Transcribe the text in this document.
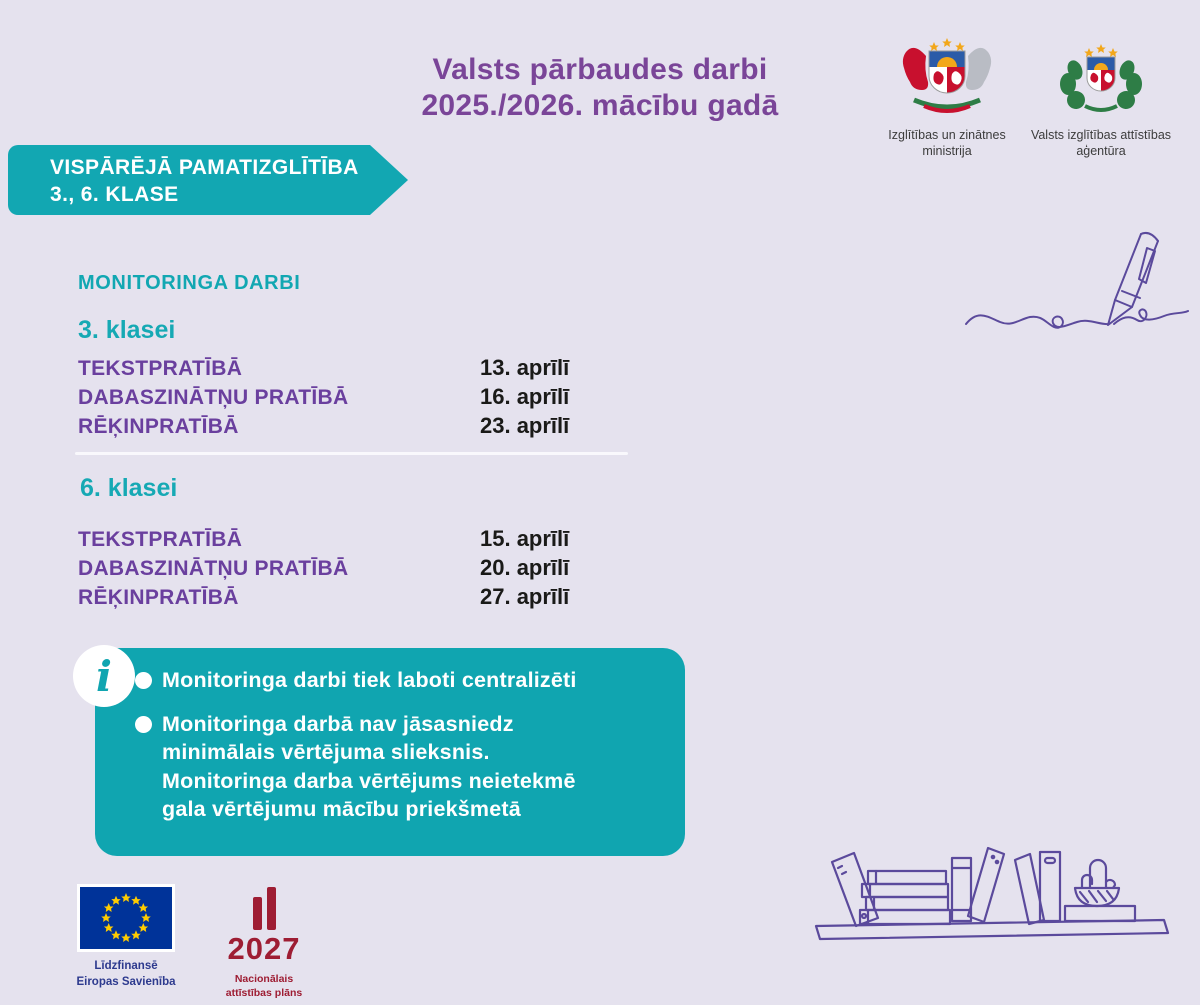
Valsts pārbaudes darbi
2025./2026. mācību gadā
Izglītības un zinātnes ministrija
Valsts izglītības attīstības aģentūra
VISPĀRĒJĀ PAMATIZGLĪTĪBA
3., 6. KLASE
MONITORINGA DARBI
3. klasei
TEKSTPRATĪBĀ	13. aprīlī
DABASZINĀTŅU PRATĪBĀ	16. aprīlī
RĒĶINPRATĪBĀ	23. aprīlī
6. klasei
TEKSTPRATĪBĀ	15. aprīlī
DABASZINĀTŅU PRATĪBĀ	20. aprīlī
RĒĶINPRATĪBĀ	27. aprīlī
Monitoringa darbi tiek laboti centralizēti
Monitoringa darbā nav jāsasniedz minimālais vērtējuma slieksnis. Monitoringa darba vērtējums neietekmē gala vērtējumu mācību priekšmetā
i
Līdzfinansē
Eiropas Savienība
2027
Nacionālais
attīstības plāns
